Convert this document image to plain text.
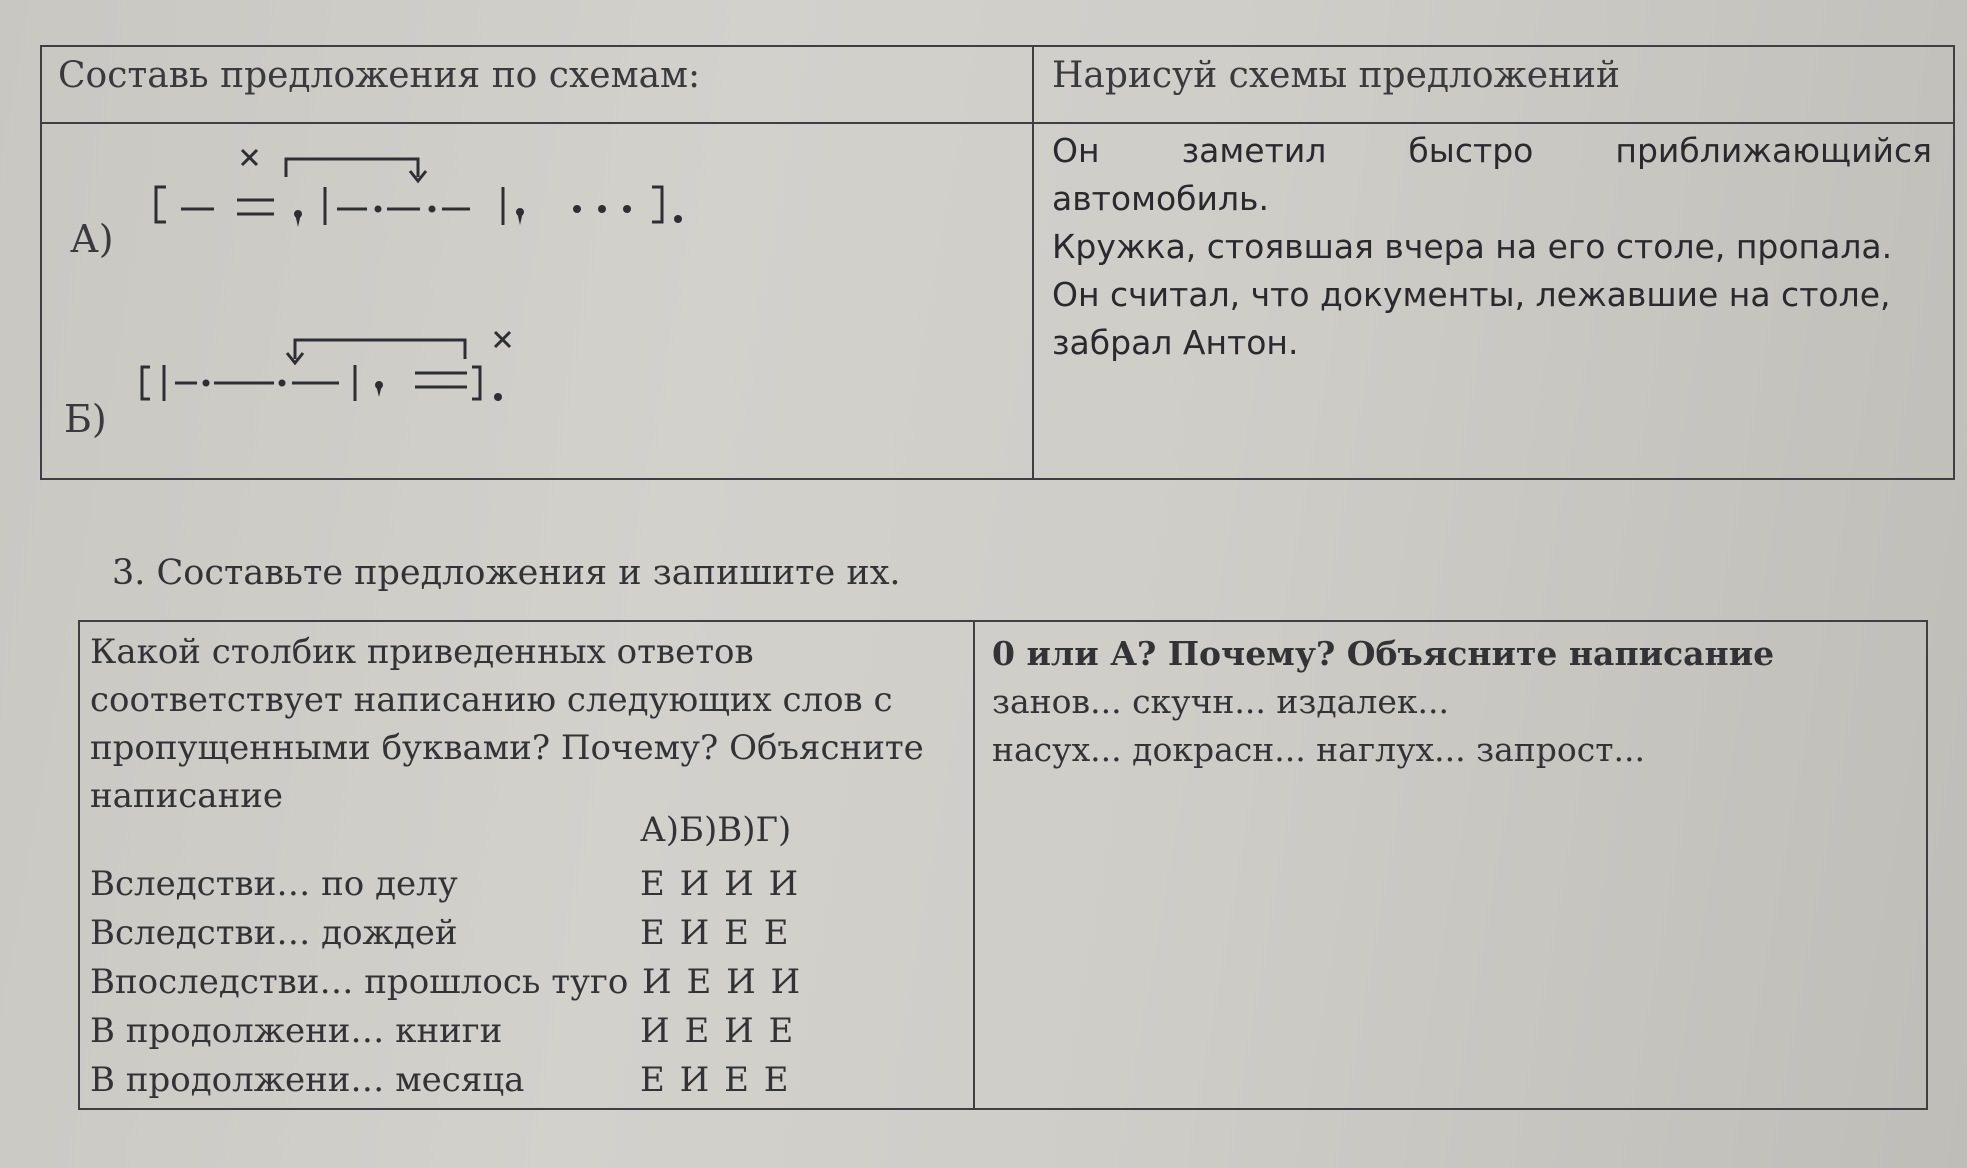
Составь предложения по схемам:	Нарисуй схемы предложений
А)
Б)
Он заметил быстро приближающийся
автомобиль.
Кружка, стоявшая вчера на его столе, пропала.
Он считал, что документы, лежавшие на столе,
забрал Антон.
3. Составьте предложения и запишите их.
Какой столбик приведенных ответов
соответствует написанию следующих слов с
пропущенными буквами? Почему? Объясните
написание
А)Б)В)Г)
Вследстви… по делу	Е И И И
Вследстви… дождей	Е И Е Е
Впоследстви… прошлось туго И Е И И
В продолжени… книги	И Е И Е
В продолжени… месяца	Е И Е Е
0 или А? Почему? Объясните написание
занов... скучн... издалек...
насух... докрасн... наглух... запрост...
